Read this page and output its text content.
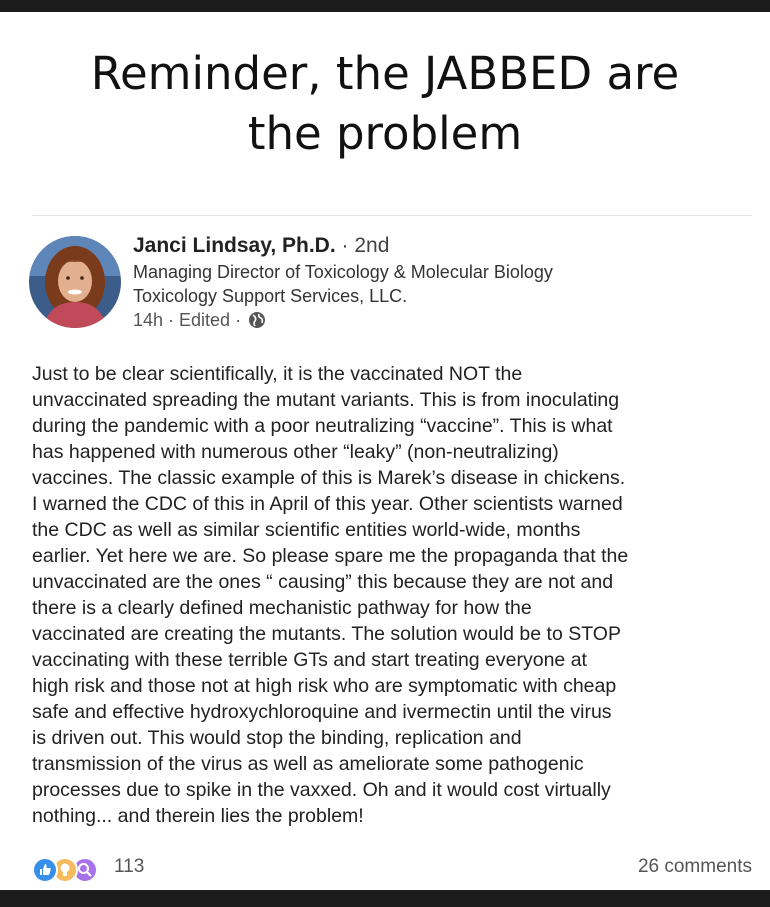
Reminder, the JABBED are
the problem
Janci Lindsay, Ph.D. · 2nd
Managing Director of Toxicology & Molecular Biology
Toxicology Support Services, LLC.
14h · Edited ·
Just to be clear scientifically, it is the vaccinated NOT the
unvaccinated spreading the mutant variants. This is from inoculating
during the pandemic with a poor neutralizing “vaccine”. This is what
has happened with numerous other “leaky” (non-neutralizing)
vaccines. The classic example of this is Marek’s disease in chickens.
I warned the CDC of this in April of this year. Other scientists warned
the CDC as well as similar scientific entities world-wide, months
earlier. Yet here we are. So please spare me the propaganda that the
unvaccinated are the ones “ causing” this because they are not and
there is a clearly defined mechanistic pathway for how the
vaccinated are creating the mutants. The solution would be to STOP
vaccinating with these terrible GTs and start treating everyone at
high risk and those not at high risk who are symptomatic with cheap
safe and effective hydroxychloroquine and ivermectin until the virus
is driven out. This would stop the binding, replication and
transmission of the virus as well as ameliorate some pathogenic
processes due to spike in the vaxxed. Oh and it would cost virtually
nothing... and therein lies the problem!
113	26 comments
